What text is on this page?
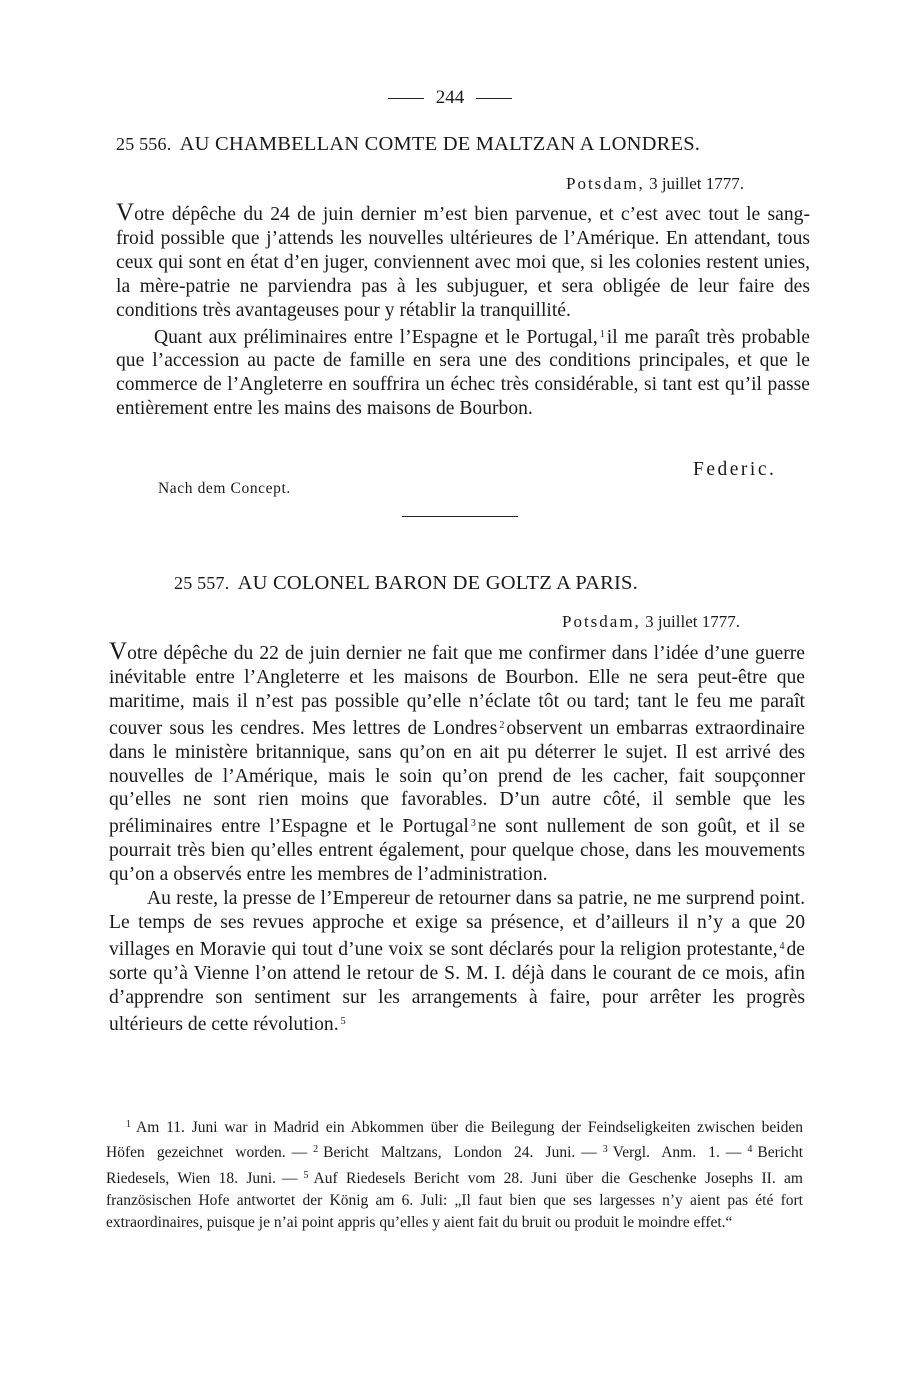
244
25 556. AU CHAMBELLAN COMTE DE MALTZAN A LONDRES.
Potsdam, 3 juillet 1777.

Votre dépêche du 24 de juin dernier m’est bien parvenue, et c’est avec tout le sang-froid possible que j’attends les nouvelles ultérieures de l’Amérique. En attendant, tous ceux qui sont en état d’en juger, conviennent avec moi que, si les colonies restent unies, la mère-patrie ne parviendra pas à les subjuguer, et sera obligée de leur faire des conditions très avantageuses pour y rétablir la tranquillité.

Quant aux préliminaires entre l’Espagne et le Portugal, $^1$ il me paraît très probable que l’accession au pacte de famille en sera une des conditions principales, et que le commerce de l’Angleterre en souffrira un échec très considérable, si tant est qu’il passe entièrement entre les mains des maisons de Bourbon.

Federic.
Nach dem Concept.
25 557. AU COLONEL BARON DE GOLTZ A PARIS.
Potsdam, 3 juillet 1777.

Votre dépêche du 22 de juin dernier ne fait que me confirmer dans l’idée d’une guerre inévitable entre l’Angleterre et les maisons de Bourbon. Elle ne sera peut-être que maritime, mais il n’est pas possible qu’elle n’éclate tôt ou tard; tant le feu me paraît couver sous les cendres. Mes lettres de Londres $^2$ observent un embarras extraordinaire dans le ministère britannique, sans qu’on en ait pu déterrer le sujet. Il est arrivé des nouvelles de l’Amérique, mais le soin qu’on prend de les cacher, fait soupçonner qu’elles ne sont rien moins que favorables. D’un autre côté, il semble que les préliminaires entre l’Espagne et le Portugal $^3$ ne sont nullement de son goût, et il se pourrait très bien qu’elles entrent également, pour quelque chose, dans les mouvements qu’on a observés entre les membres de l’administration.

Au reste, la presse de l’Empereur de retourner dans sa patrie, ne me surprend point. Le temps de ses revues approche et exige sa présence, et d’ailleurs il n’y a que 20 villages en Moravie qui tout d’une voix se sont déclarés pour la religion protestante, $^4$ de sorte qu’à Vienne l’on attend le retour de S. M. I. déjà dans le courant de ce mois, afin d’apprendre son sentiment sur les arrangements à faire, pour arrêter les progrès ultérieurs de cette révolution. $^5$

$^1$ Am 11. Juni war in Madrid ein Abkommen über die Beilegung der Feindseligkeiten zwischen beiden Höfen gezeichnet worden. — $^2$ Bericht Maltzans, London 24. Juni. — $^3$ Vergl. Anm. 1. — $^4$ Bericht Riedesels, Wien 18. Juni. — $^5$ Auf Riedesels Bericht vom 28. Juni über die Geschenke Josephs II. am französischen Hofe antwortet der König am 6. Juli: „Il faut bien que ses largesses n’y aient pas été fort extraordinaires, puisque je n’ai point appris qu’elles y aient fait du bruit ou produit le moindre effet.“
